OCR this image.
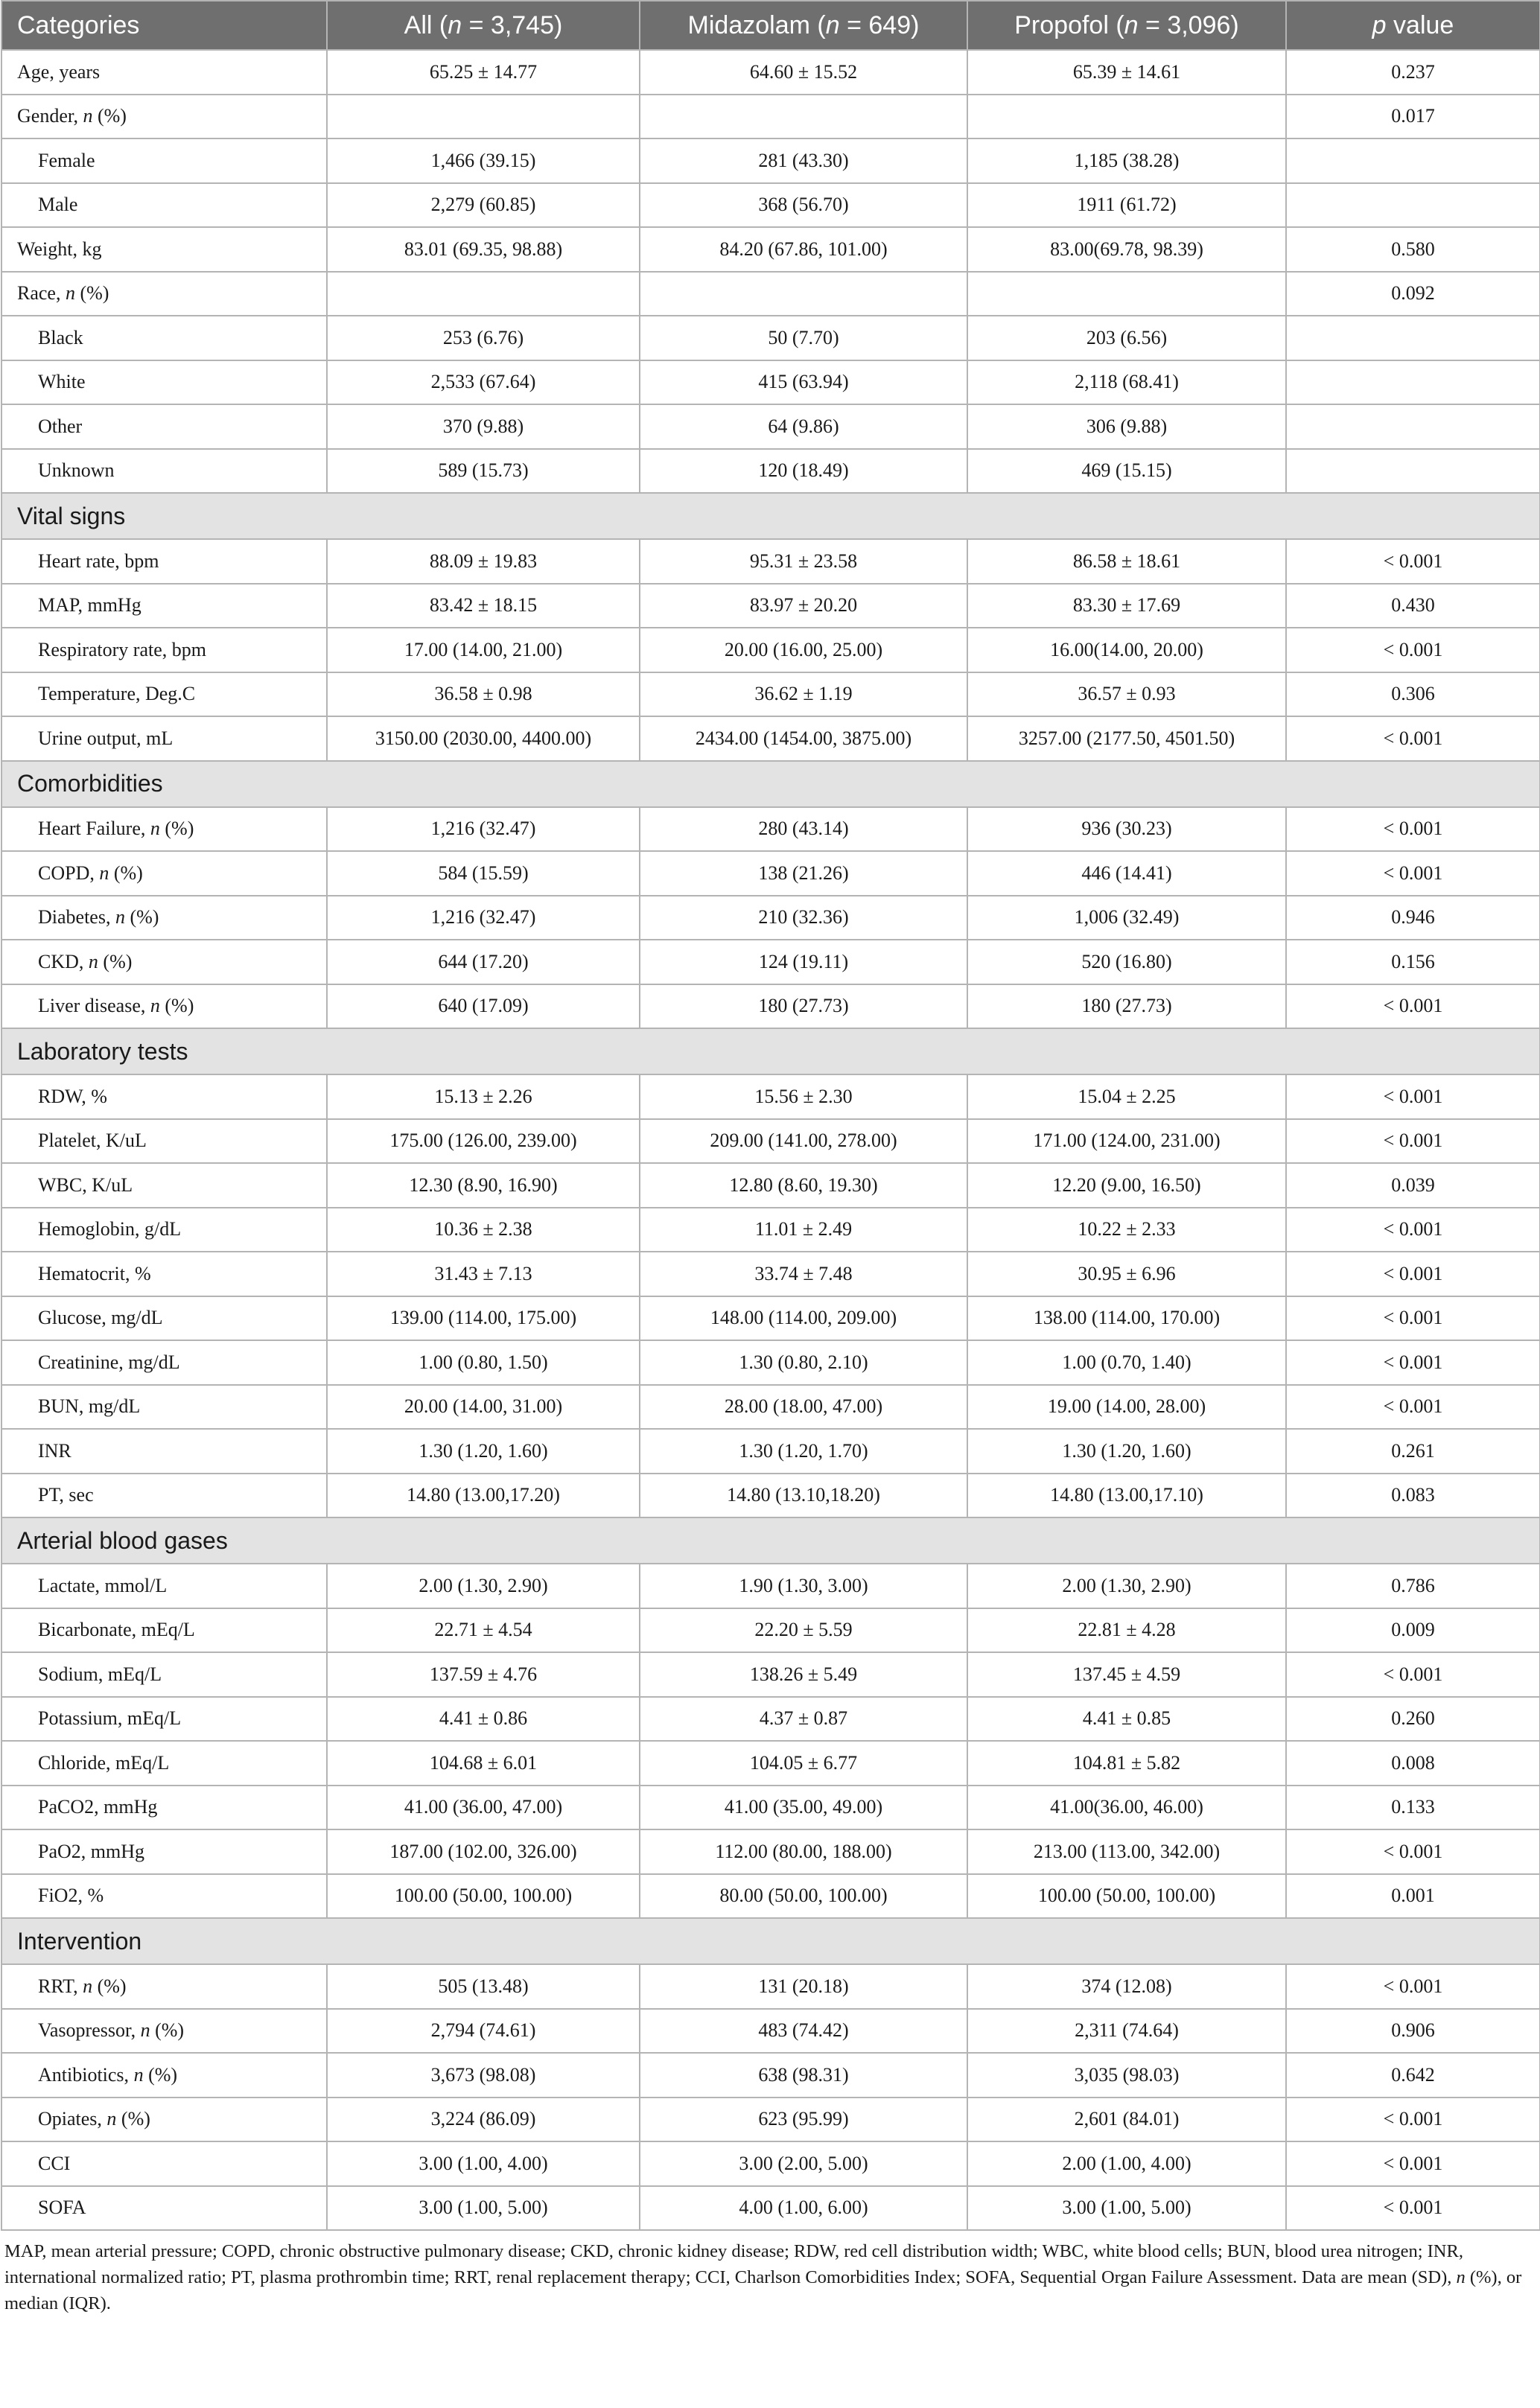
Categories	All (n = 3,745)	Midazolam (n = 649)	Propofol (n = 3,096)	p value
Age, years	65.25 ± 14.77	64.60 ± 15.52	65.39 ± 14.61	0.237
Gender, n (%)				0.017
Female	1,466 (39.15)	281 (43.30)	1,185 (38.28)	
Male	2,279 (60.85)	368 (56.70)	1911 (61.72)	
Weight, kg	83.01 (69.35, 98.88)	84.20 (67.86, 101.00)	83.00(69.78, 98.39)	0.580
Race, n (%)				0.092
Black	253 (6.76)	50 (7.70)	203 (6.56)	
White	2,533 (67.64)	415 (63.94)	2,118 (68.41)	
Other	370 (9.88)	64 (9.86)	306 (9.88)	
Unknown	589 (15.73)	120 (18.49)	469 (15.15)	
Vital signs				
Heart rate, bpm	88.09 ± 19.83	95.31 ± 23.58	86.58 ± 18.61	< 0.001
MAP, mmHg	83.42 ± 18.15	83.97 ± 20.20	83.30 ± 17.69	0.430
Respiratory rate, bpm	17.00 (14.00, 21.00)	20.00 (16.00, 25.00)	16.00(14.00, 20.00)	< 0.001
Temperature, Deg.C	36.58 ± 0.98	36.62 ± 1.19	36.57 ± 0.93	0.306
Urine output, mL	3150.00 (2030.00, 4400.00)	2434.00 (1454.00, 3875.00)	3257.00 (2177.50, 4501.50)	< 0.001
Comorbidities				
Heart Failure, n (%)	1,216 (32.47)	280 (43.14)	936 (30.23)	< 0.001
COPD, n (%)	584 (15.59)	138 (21.26)	446 (14.41)	< 0.001
Diabetes, n (%)	1,216 (32.47)	210 (32.36)	1,006 (32.49)	0.946
CKD, n (%)	644 (17.20)	124 (19.11)	520 (16.80)	0.156
Liver disease, n (%)	640 (17.09)	180 (27.73)	180 (27.73)	< 0.001
Laboratory tests				
RDW, %	15.13 ± 2.26	15.56 ± 2.30	15.04 ± 2.25	< 0.001
Platelet, K/uL	175.00 (126.00, 239.00)	209.00 (141.00, 278.00)	171.00 (124.00, 231.00)	< 0.001
WBC, K/uL	12.30 (8.90, 16.90)	12.80 (8.60, 19.30)	12.20 (9.00, 16.50)	0.039
Hemoglobin, g/dL	10.36 ± 2.38	11.01 ± 2.49	10.22 ± 2.33	< 0.001
Hematocrit, %	31.43 ± 7.13	33.74 ± 7.48	30.95 ± 6.96	< 0.001
Glucose, mg/dL	139.00 (114.00, 175.00)	148.00 (114.00, 209.00)	138.00 (114.00, 170.00)	< 0.001
Creatinine, mg/dL	1.00 (0.80, 1.50)	1.30 (0.80, 2.10)	1.00 (0.70, 1.40)	< 0.001
BUN, mg/dL	20.00 (14.00, 31.00)	28.00 (18.00, 47.00)	19.00 (14.00, 28.00)	< 0.001
INR	1.30 (1.20, 1.60)	1.30 (1.20, 1.70)	1.30 (1.20, 1.60)	0.261
PT, sec	14.80 (13.00,17.20)	14.80 (13.10,18.20)	14.80 (13.00,17.10)	0.083
Arterial blood gases				
Lactate, mmol/L	2.00 (1.30, 2.90)	1.90 (1.30, 3.00)	2.00 (1.30, 2.90)	0.786
Bicarbonate, mEq/L	22.71 ± 4.54	22.20 ± 5.59	22.81 ± 4.28	0.009
Sodium, mEq/L	137.59 ± 4.76	138.26 ± 5.49	137.45 ± 4.59	< 0.001
Potassium, mEq/L	4.41 ± 0.86	4.37 ± 0.87	4.41 ± 0.85	0.260
Chloride, mEq/L	104.68 ± 6.01	104.05 ± 6.77	104.81 ± 5.82	0.008
PaCO2, mmHg	41.00 (36.00, 47.00)	41.00 (35.00, 49.00)	41.00(36.00, 46.00)	0.133
PaO2, mmHg	187.00 (102.00, 326.00)	112.00 (80.00, 188.00)	213.00 (113.00, 342.00)	< 0.001
FiO2, %	100.00 (50.00, 100.00)	80.00 (50.00, 100.00)	100.00 (50.00, 100.00)	0.001
Intervention				
RRT, n (%)	505 (13.48)	131 (20.18)	374 (12.08)	< 0.001
Vasopressor, n (%)	2,794 (74.61)	483 (74.42)	2,311 (74.64)	0.906
Antibiotics, n (%)	3,673 (98.08)	638 (98.31)	3,035 (98.03)	0.642
Opiates, n (%)	3,224 (86.09)	623 (95.99)	2,601 (84.01)	< 0.001
CCI	3.00 (1.00, 4.00)	3.00 (2.00, 5.00)	2.00 (1.00, 4.00)	< 0.001
SOFA	3.00 (1.00, 5.00)	4.00 (1.00, 6.00)	3.00 (1.00, 5.00)	< 0.001
MAP, mean arterial pressure; COPD, chronic obstructive pulmonary disease; CKD, chronic kidney disease; RDW, red cell distribution width; WBC, white blood cells; BUN, blood urea nitrogen; INR, international normalized ratio; PT, plasma prothrombin time; RRT, renal replacement therapy; CCI, Charlson Comorbidities Index; SOFA, Sequential Organ Failure Assessment. Data are mean (SD), n (%), or median (IQR).
